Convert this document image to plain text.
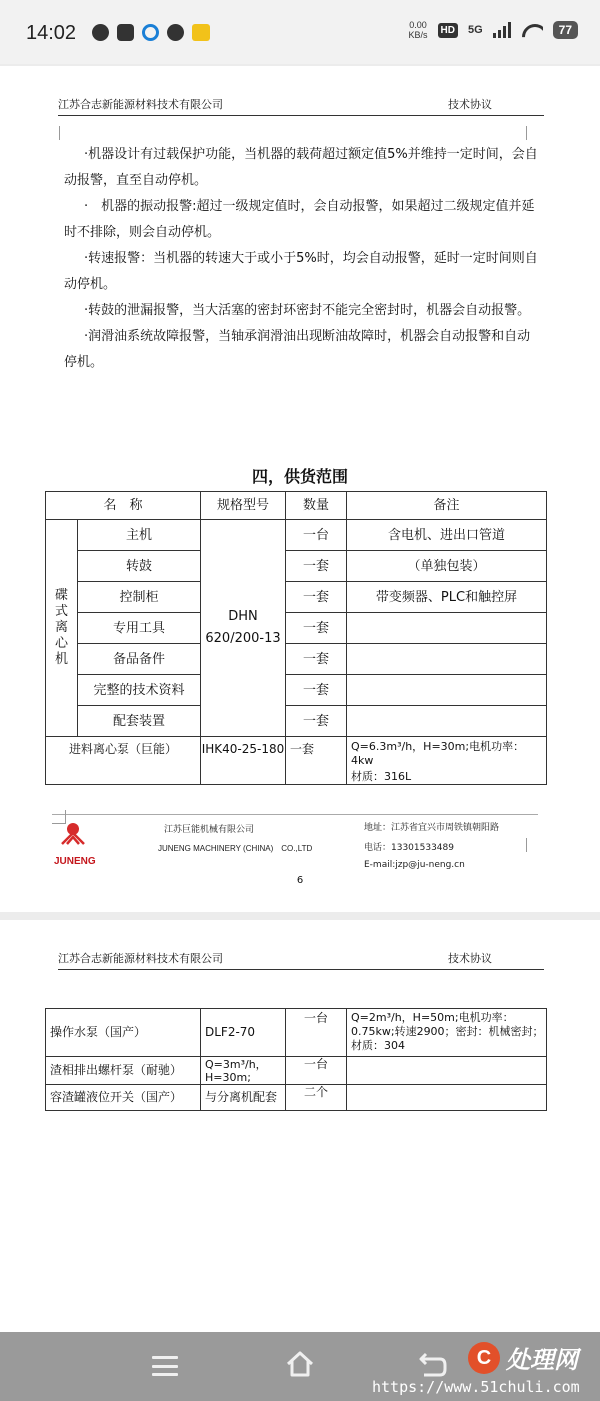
14:02	0.00
KB/s	HD 5G	77
江苏合志新能源材料技术有限公司	技术协议
·机器设计有过载保护功能，当机器的载荷超过额定值5%并维持一定时间，会自动报警，直至自动停机。
·　机器的振动报警:超过一级规定值时，会自动报警，如果超过二级规定值并延时不排除，则会自动停机。
·转速报警：当机器的转速大于或小于5%时，均会自动报警，延时一定时间则自动停机。
·转鼓的泄漏报警，当大活塞的密封环密封不能完全密封时，机器会自动报警。
·润滑油系统故障报警，当轴承润滑油出现断油故障时，机器会自动报警和自动停机。
四，供货范围
名　称		规格型号	数量	备注
碟式离心机	主机	DHN 620/200-13	一台	含电机、进出口管道
	转鼓		一套	（单独包装）
	控制柜		一套	带变频器、PLC和触控屏
	专用工具		一套	
	备品备件		一套	
	完整的技术资料		一套	
	配套装置		一套	
进料离心泵（巨能）		IHK40-25-180	一套	Q=6.3m³/h，H=30m;电机功率：4kw
材质：316L
JUNENG
江苏巨能机械有限公司
JUNENG MACHINERY (CHINA)　CO.,LTD
地址：江苏省宜兴市周铁镇朝阳路
电话：13301533489
E-mail:jzp@ju-neng.cn
6
江苏合志新能源材料技术有限公司	技术协议
操作水泵（国产）	DLF2-70	一台	Q=2m³/h，H=50m;电机功率：0.75kw;转速2900；密封：机械密封；材质：304
渣相排出螺杆泵（耐驰）	Q=3m³/h，H=30m;	一台	
容渣罐液位开关（国产）	与分离机配套	二个	
C 处理网
https://www.51chuli.com
